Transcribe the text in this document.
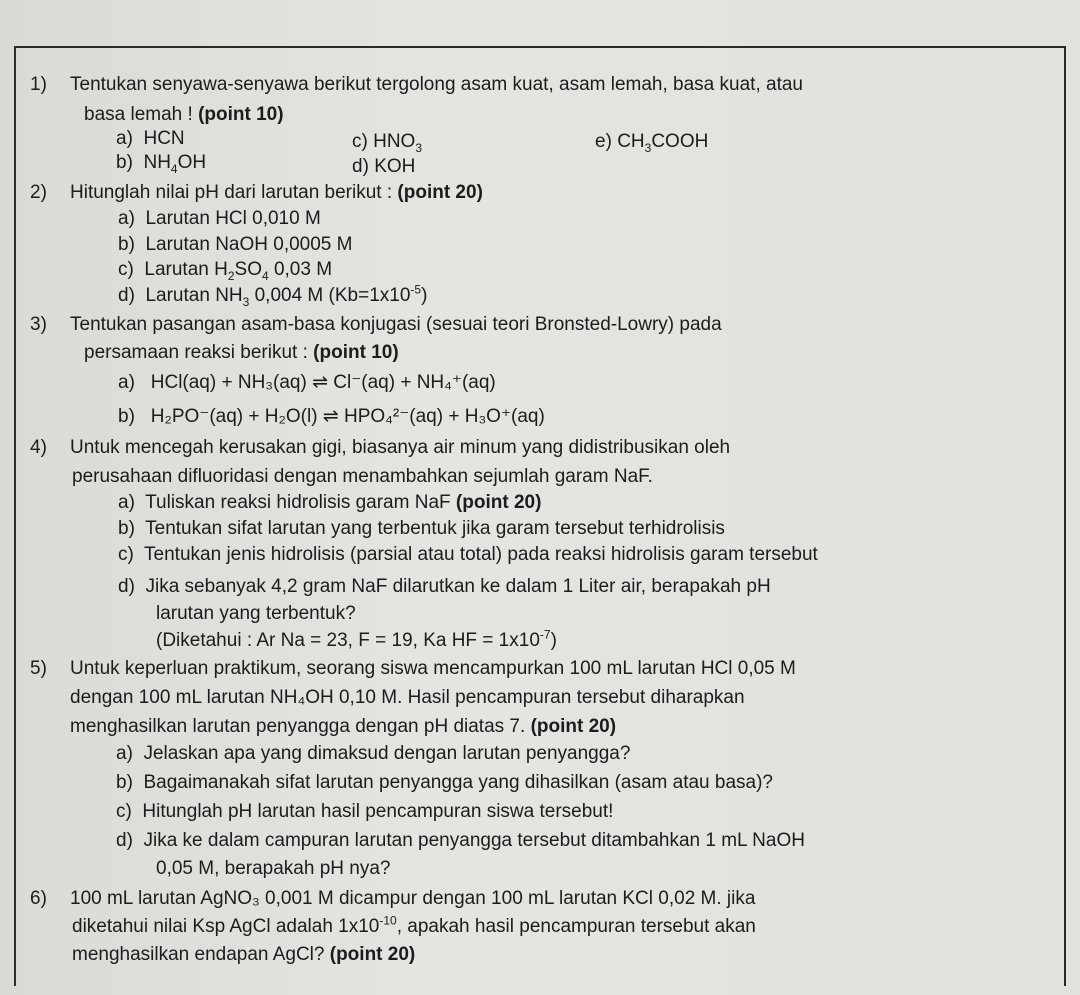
1) Tentukan senyawa-senyawa berikut tergolong asam kuat, asam lemah, basa kuat, atau
basa lemah ! (point 10)
a) HCN	c) $HNO_3$	e) $CH_3COOH$
b) $NH_4OH$	d) KOH
2) Hitunglah nilai pH dari larutan berikut : (point 20)
a) Larutan HCl 0,010 M
b) Larutan NaOH 0,0005 M
c) Larutan $H_2SO_4$ 0,03 M
d) Larutan $NH_3$ 0,004 M $(Kb=1x10^{-5})$
3) Tentukan pasangan asam-basa konjugasi (sesuai teori Bronsted-Lowry) pada
persamaan reaksi berikut : (point 10)
a) HCl(aq) + NH₃(aq) ⇌ Cl⁻(aq) + NH₄⁺(aq)
b) H₂PO⁻(aq) + H₂O(l) ⇌ HPO₄²⁻(aq) + H₃O⁺(aq)
4) Untuk mencegah kerusakan gigi, biasanya air minum yang didistribusikan oleh
perusahaan difluoridasi dengan menambahkan sejumlah garam NaF.
a) Tuliskan reaksi hidrolisis garam NaF (point 20)
b) Tentukan sifat larutan yang terbentuk jika garam tersebut terhidrolisis
c) Tentukan jenis hidrolisis (parsial atau total) pada reaksi hidrolisis garam tersebut
d) Jika sebanyak 4,2 gram NaF dilarutkan ke dalam 1 Liter air, berapakah pH
larutan yang terbentuk?
(Diketahui : Ar Na = 23, F = 19, Ka HF = $1x10^{-7}$)
5) Untuk keperluan praktikum, seorang siswa mencampurkan 100 mL larutan HCl 0,05 M
dengan 100 mL larutan NH₄OH 0,10 M. Hasil pencampuran tersebut diharapkan
menghasilkan larutan penyangga dengan pH diatas 7. (point 20)
a) Jelaskan apa yang dimaksud dengan larutan penyangga?
b) Bagaimanakah sifat larutan penyangga yang dihasilkan (asam atau basa)?
c) Hitunglah pH larutan hasil pencampuran siswa tersebut!
d) Jika ke dalam campuran larutan penyangga tersebut ditambahkan 1 mL NaOH
0,05 M, berapakah pH nya?
6) 100 mL larutan AgNO₃ 0,001 M dicampur dengan 100 mL larutan KCl 0,02 M. jika
diketahui nilai Ksp AgCl adalah $1x10^{-10}$, apakah hasil pencampuran tersebut akan
menghasilkan endapan AgCl? (point 20)
